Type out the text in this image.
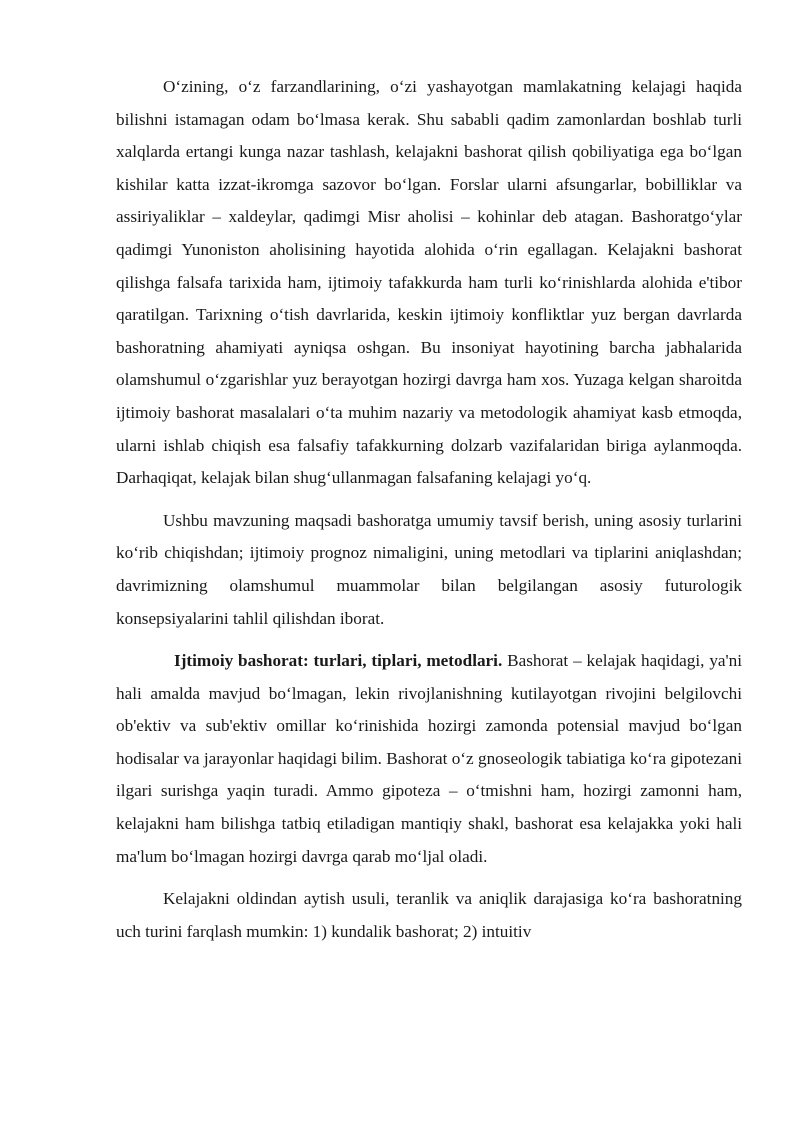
O‘zining, o‘z farzandlarining, o‘zi yashayotgan mamlakatning kelajagi haqida bilishni istamagan odam bo‘lmasa kerak. Shu sababli qadim zamonlardan boshlab turli xalqlarda ertangi kunga nazar tashlash, kelajakni bashorat qilish qobiliyatiga ega bo‘lgan kishilar katta izzat-ikromga sazovor bo‘lgan. Forslar ularni afsungarlar, bobilliklar va assiriyaliklar – xaldeylar, qadimgi Misr aholisi – kohinlar deb atagan. Bashoratgo‘ylar qadimgi Yunoniston aholisining hayotida alohida o‘rin egallagan. Kelajakni bashorat qilishga falsafa tarixida ham, ijtimoiy tafakkurda ham turli ko‘rinishlarda alohida e'tibor qaratilgan. Tarixning o‘tish davrlarida, keskin ijtimoiy konfliktlar yuz bergan davrlarda bashoratning ahamiyati ayniqsa oshgan. Bu insoniyat hayotining barcha jabhalarida olamshumul o‘zgarishlar yuz berayotgan hozirgi davrga ham xos. Yuzaga kelgan sharoitda ijtimoiy bashorat masalalari o‘ta muhim nazariy va metodologik ahamiyat kasb etmoqda, ularni ishlab chiqish esa falsafiy tafakkurning dolzarb vazifalaridan biriga aylanmoqda. Darhaqiqat, kelajak bilan shug‘ullanmagan falsafaning kelajagi yo‘q.

Ushbu mavzuning maqsadi bashoratga umumiy tavsif berish, uning asosiy turlarini ko‘rib chiqishdan; ijtimoiy prognoz nimaligini, uning metodlari va tiplarini aniqlashdan; davrimizning olamshumul muammolar bilan belgilangan asosiy futurologik konsepsiyalarini tahlil qilishdan iborat.

Ijtimoiy bashorat: turlari, tiplari, metodlari. Bashorat – kelajak haqidagi, ya'ni hali amalda mavjud bo‘lmagan, lekin rivojlanishning kutilayotgan rivojini belgilovchi ob'ektiv va sub'ektiv omillar ko‘rinishida hozirgi zamonda potensial mavjud bo‘lgan hodisalar va jarayonlar haqidagi bilim. Bashorat o‘z gnoseologik tabiatiga ko‘ra gipotezani ilgari surishga yaqin turadi. Ammo gipoteza – o‘tmishni ham, hozirgi zamonni ham, kelajakni ham bilishga tatbiq etiladigan mantiqiy shakl, bashorat esa kelajakka yoki hali ma'lum bo‘lmagan hozirgi davrga qarab mo‘ljal oladi.

Kelajakni oldindan aytish usuli, teranlik va aniqlik darajasiga ko‘ra bashoratning uch turini farqlash mumkin: 1) kundalik bashorat; 2) intuitiv
